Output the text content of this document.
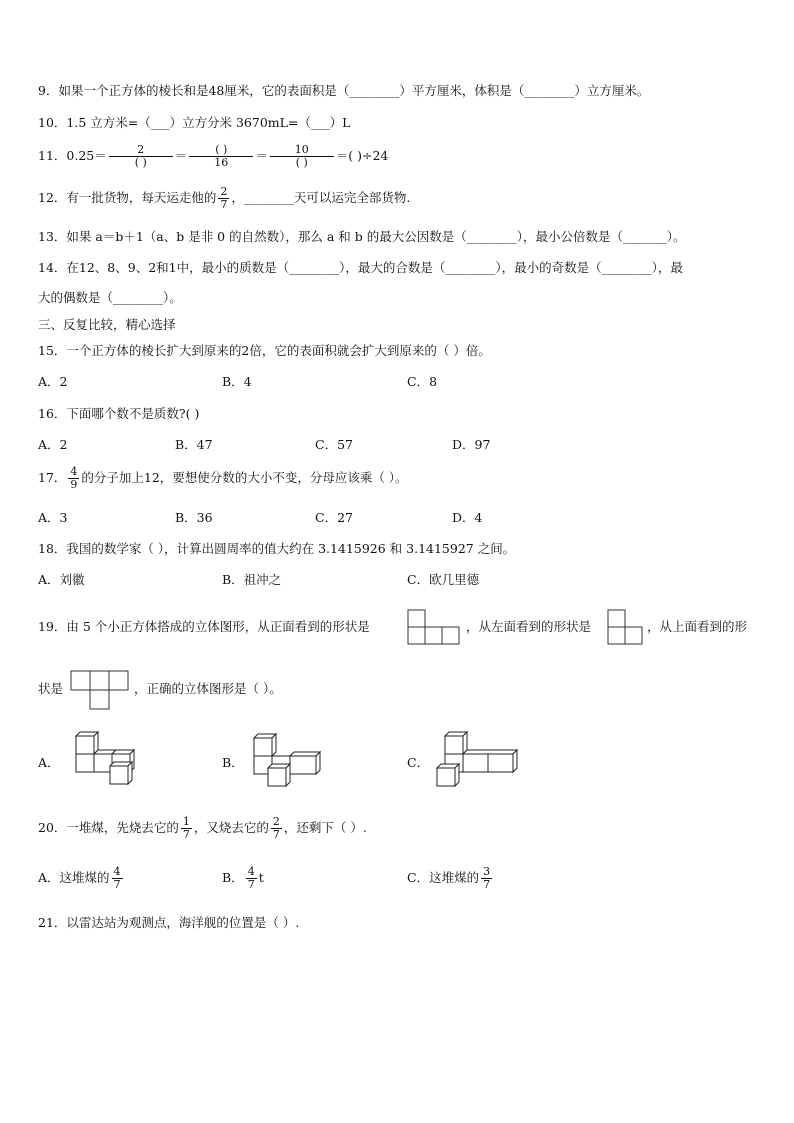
9．如果一个正方体的棱长和是48厘米，它的表面积是（________）平方厘米，体积是（________）立方厘米。
10．1.5 立方米=（___）立方分米 3670mL=（___）L
11．$0.25= \frac{2}{( )} = \frac{( )}{16} = \frac{10}{( )}$ ＝( )÷24
12．有一批货物，每天运走他的 $\frac{2}{7}$ ，________天可以运完全部货物.
13．如果 a＝b＋1（a、b 是非 0 的自然数），那么 a 和 b 的最大公因数是（________），最小公倍数是（_______）。
14．在12、8、9、2和1中，最小的质数是（________），最大的合数是（________），最小的奇数是（________），最
大的偶数是（________）。
三、反复比较，精心选择
15．一个正方体的棱长扩大到原来的2倍，它的表面积就会扩大到原来的（ ）倍。
A．2	B．4	C．8
16．下面哪个数不是质数?( )
A．2	B．47	C．57	D．97
17． $\frac{4}{9}$ 的分子加上12，要想使分数的大小不变，分母应该乘（ ）。
A．3	B．36	C．27	D．4
18．我国的数学家（ ），计算出圆周率的值大约在 3.1415926 和 3.1415927 之间。
A．刘徽	B．祖冲之	C．欧几里德
19．由 5 个小正方体搭成的立体图形，从正面看到的形状是	，从左面看到的形状是	，从上面看到的形
状是	，正确的立体图形是（ ）。
A．	B．	C．
20．一堆煤，先烧去它的 $\frac{1}{7}$ ，又烧去它的 $\frac{2}{7}$ ，还剩下（ ）.
A．这堆煤的 $\frac{4}{7}$	B． $\frac{4}{7}$ t	C．这堆煤的 $\frac{3}{7}$
21．以雷达站为观测点，海洋舰的位置是（ ）.
